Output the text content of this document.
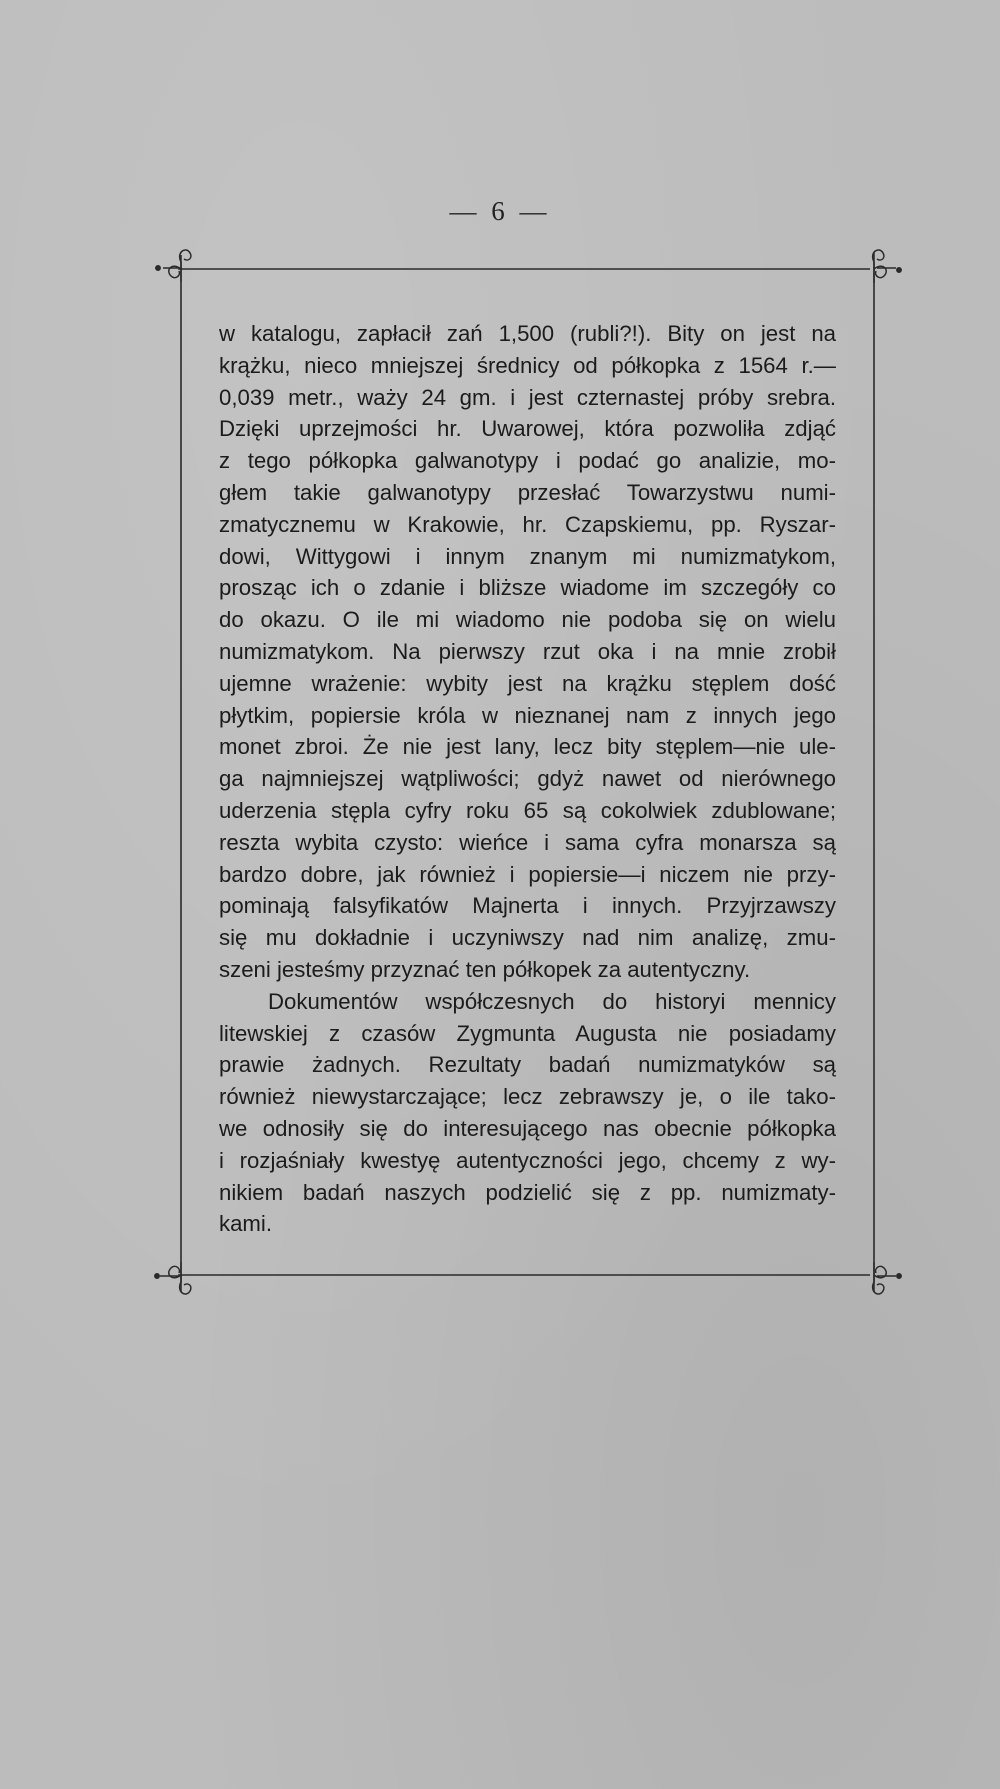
— 6 —
w katalogu, zapłacił zań 1,500 (rubli?!). Bity on jest na
krążku, nieco mniejszej średnicy od półkopka z 1564 r.—
0,039 metr., waży 24 gm. i jest czternastej próby srebra.
Dzięki uprzejmości hr. Uwarowej, która pozwoliła zdjąć
z tego półkopka galwanotypy i podać go analizie, mo-
głem takie galwanotypy przesłać Towarzystwu numi-
zmatycznemu w Krakowie, hr. Czapskiemu, pp. Ryszar-
dowi, Wittygowi i innym znanym mi numizmatykom,
prosząc ich o zdanie i bliższe wiadome im szczegóły co
do okazu. O ile mi wiadomo nie podoba się on wielu
numizmatykom. Na pierwszy rzut oka i na mnie zrobił
ujemne wrażenie: wybity jest na krążku stęplem dość
płytkim, popiersie króla w nieznanej nam z innych jego
monet zbroi. Że nie jest lany, lecz bity stęplem—nie ule-
ga najmniejszej wątpliwości; gdyż nawet od nierównego
uderzenia stępla cyfry roku 65 są cokolwiek zdublowane;
reszta wybita czysto: wieńce i sama cyfra monarsza są
bardzo dobre, jak również i popiersie—i niczem nie przy-
pominają falsyfikatów Majnerta i innych. Przyjrzawszy
się mu dokładnie i uczyniwszy nad nim analizę, zmu-
szeni jesteśmy przyznać ten półkopek za autentyczny.
Dokumentów współczesnych do historyi mennicy
litewskiej z czasów Zygmunta Augusta nie posiadamy
prawie żadnych. Rezultaty badań numizmatyków są
również niewystarczające; lecz zebrawszy je, o ile tako-
we odnosiły się do interesującego nas obecnie półkopka
i rozjaśniały kwestyę autentyczności jego, chcemy z wy-
nikiem badań naszych podzielić się z pp. numizmaty-
kami.
